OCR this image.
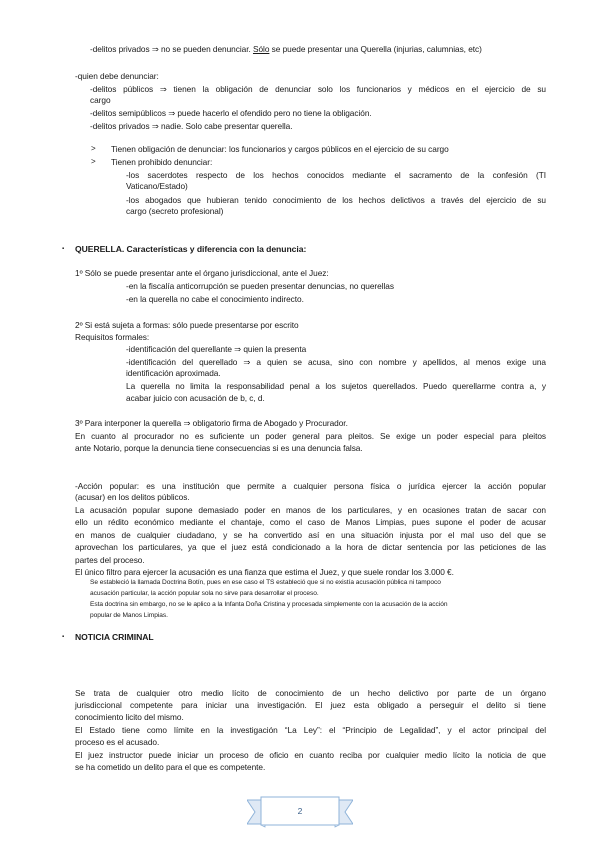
-delitos privados ⇒ no se pueden denunciar. Sólo se puede presentar una Querella (injurias, calumnias, etc)
-quien debe denunciar:
-delitos públicos ⇒ tienen la obligación de denunciar solo los funcionarios y médicos en el ejercicio de su
cargo
-delitos semipúblicos ⇒ puede hacerlo el ofendido pero no tiene la obligación.
-delitos privados ⇒ nadie. Solo cabe presentar querella.
> Tienen obligación de denunciar: los funcionarios y cargos públicos en el ejercicio de su cargo
> Tienen prohibido denunciar:
-los sacerdotes respecto de los hechos conocidos mediante el sacramento de la confesión (TI
Vaticano/Estado)
-los abogados que hubieran tenido conocimiento de los hechos delictivos a través del ejercicio de su
cargo (secreto profesional)
▪ QUERELLA. Características y diferencia con la denuncia:
1º Sólo se puede presentar ante el órgano jurisdiccional, ante el Juez:
-en la fiscalía anticorrupción se pueden presentar denuncias, no querellas
-en la querella no cabe el conocimiento indirecto.
2º Si está sujeta a formas: sólo puede presentarse por escrito
Requisitos formales:
-identificación del querellante ⇒ quien la presenta
-identificación del querellado ⇒ a quien se acusa, sino con nombre y apellidos, al menos exige una
identificación aproximada.
La querella no limita la responsabilidad penal a los sujetos querellados. Puedo querellarme contra a, y
acabar juicio con acusación de b, c, d.
3º Para interponer la querella ⇒ obligatorio firma de Abogado y Procurador.
En cuanto al procurador no es suficiente un poder general para pleitos. Se exige un poder especial para pleitos
ante Notario, porque la denuncia tiene consecuencias si es una denuncia falsa.
-Acción popular: es una institución que permite a cualquier persona física o jurídica ejercer la acción popular
(acusar) en los delitos públicos.
La acusación popular supone demasiado poder en manos de los particulares, y en ocasiones tratan de sacar con
ello un rédito económico mediante el chantaje, como el caso de Manos Limpias, pues supone el poder de acusar
en manos de cualquier ciudadano, y se ha convertido así en una situación injusta por el mal uso del que se
aprovechan los particulares, ya que el juez está condicionado a la hora de dictar sentencia por las peticiones de las
partes del proceso.
El único filtro para ejercer la acusación es una fianza que estima el Juez, y que suele rondar los 3.000 €.
Se estableció la llamada Doctrina Botín, pues en ese caso el TS estableció que si no existía acusación pública ni tampoco
acusación particular, la acción popular sola no sirve para desarrollar el proceso.
Esta doctrina sin embargo, no se le aplico a la Infanta Doña Cristina y procesada simplemente con la acusación de la acción
popular de Manos Limpias.
▪ NOTICIA CRIMINAL
Se trata de cualquier otro medio lícito de conocimiento de un hecho delictivo por parte de un órgano
jurisdiccional competente para iniciar una investigación. El juez esta obligado a perseguir el delito si tiene
conocimiento licito del mismo.
El Estado tiene como límite en la investigación “La Ley”: el “Principio de Legalidad”, y el actor principal del
proceso es el acusado.
El juez instructor puede iniciar un proceso de oficio en cuanto reciba por cualquier medio lícito la noticia de que
se ha cometido un delito para el que es competente.
2
